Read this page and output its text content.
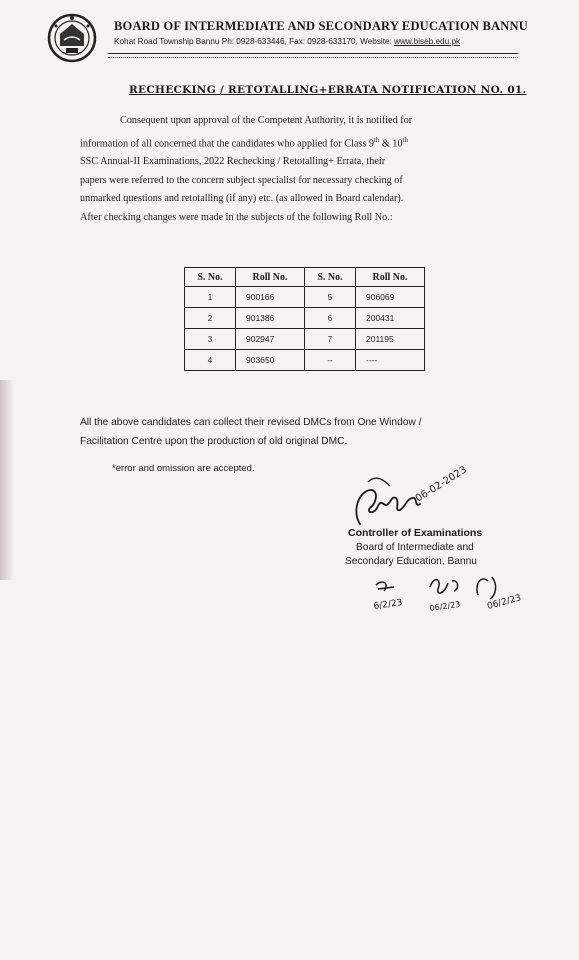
BOARD OF INTERMEDIATE AND SECONDARY EDUCATION BANNU
Kohat Road Township Bannu Ph: 0928-633446, Fax: 0928-633170, Website: www.biseb.edu.pk
RECHECKING / RETOTALLING+ERRATA NOTIFICATION NO. 01.
Consequent upon approval of the Competent Authority, it is notified for
information of all concerned that the candidates who applied for Class 9th & 10th
SSC Annual-II Examinations, 2022 Rechecking / Retotalling+ Errata, their
papers were referred to the concern subject specialist for necessary checking of
unmarked questions and retotalling (if any) etc. (as allowed in Board calendar).
After checking changes were made in the subjects of the following Roll No.:
S. No.	Roll No.	S. No.	Roll No.
1	900166	5	906069
2	901386	6	200431
3	902947	7	201195
4	903650	--	----
All the above candidates can collect their revised DMCs from One Window /
Facilitation Centre upon the production of old original DMC.
*error and omission are accepted.	06-02-2023
Controller of Examinations
Board of Intermediate and
Secondary Education, Bannu
6/2/23	06/2/23	06/2/23
